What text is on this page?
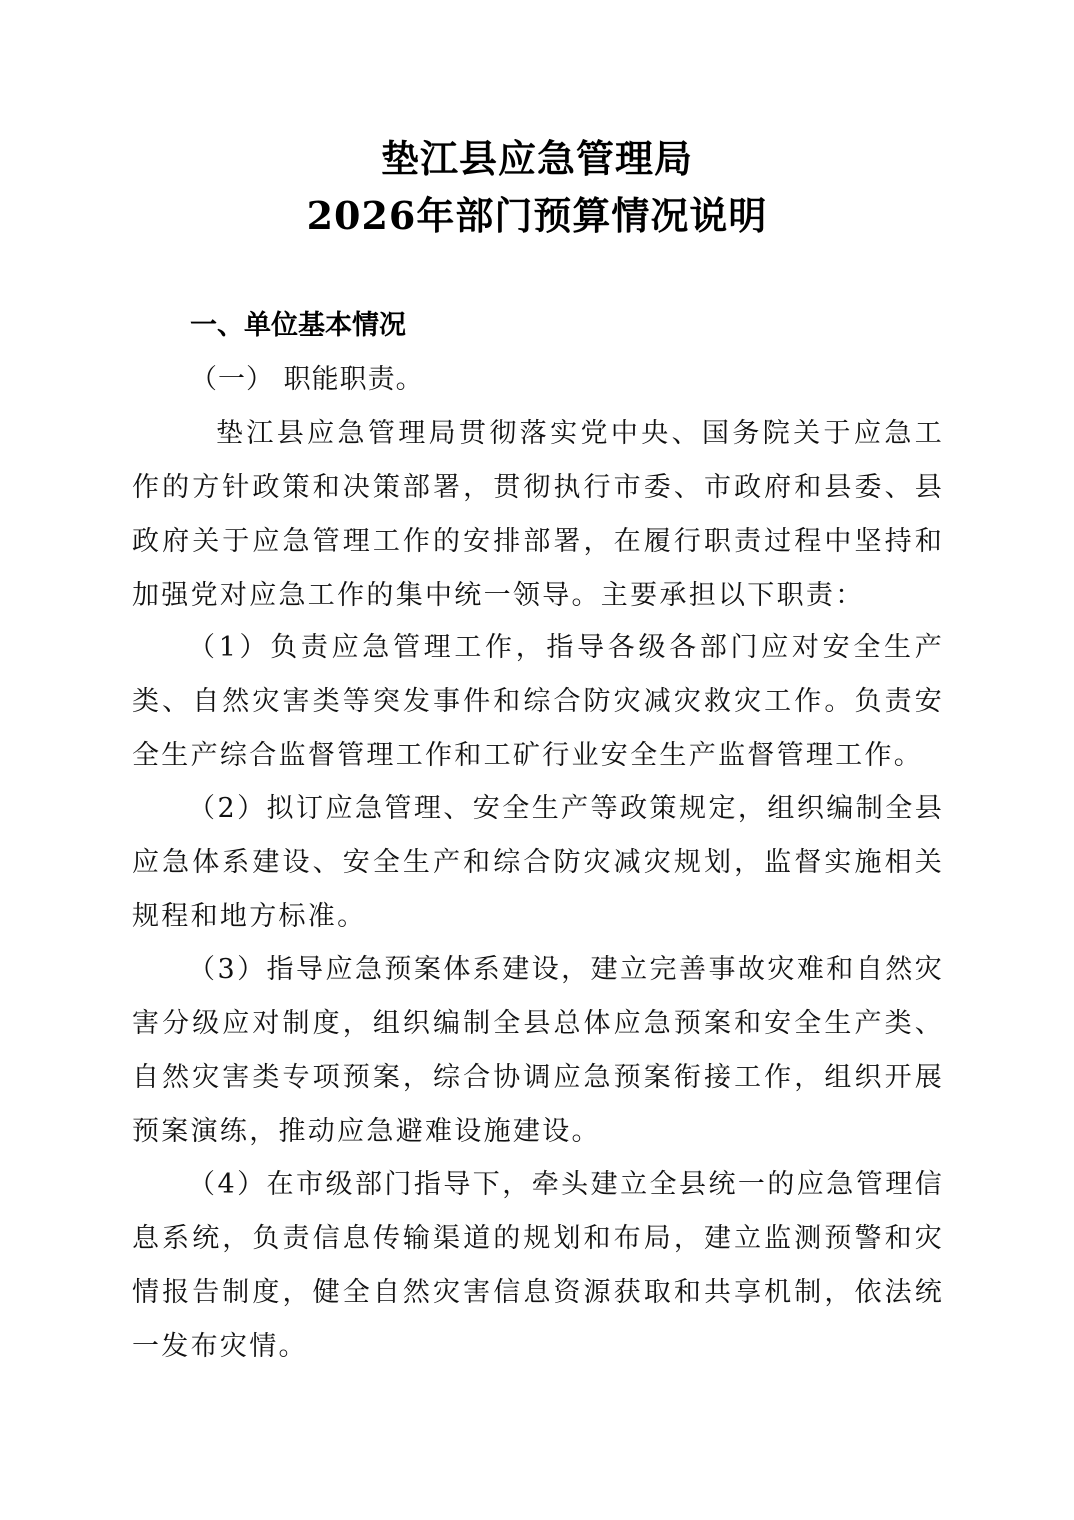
垫江县应急管理局
2026年部门预算情况说明
一、单位基本情况
（一） 职能职责。

垫江县应急管理局贯彻落实党中央、国务院关于应急工作的方针政策和决策部署，贯彻执行市委、市政府和县委、县政府关于应急管理工作的安排部署，在履行职责过程中坚持和加强党对应急工作的集中统一领导。主要承担以下职责：

（1）负责应急管理工作，指导各级各部门应对安全生产类、自然灾害类等突发事件和综合防灾减灾救灾工作。负责安全生产综合监督管理工作和工矿行业安全生产监督管理工作。

（2）拟订应急管理、安全生产等政策规定，组织编制全县应急体系建设、安全生产和综合防灾减灾规划，监督实施相关规程和地方标准。

（3）指导应急预案体系建设，建立完善事故灾难和自然灾害分级应对制度，组织编制全县总体应急预案和安全生产类、自然灾害类专项预案，综合协调应急预案衔接工作，组织开展预案演练，推动应急避难设施建设。

（4）在市级部门指导下，牵头建立全县统一的应急管理信息系统，负责信息传输渠道的规划和布局，建立监测预警和灾情报告制度，健全自然灾害信息资源获取和共享机制，依法统一发布灾情。
